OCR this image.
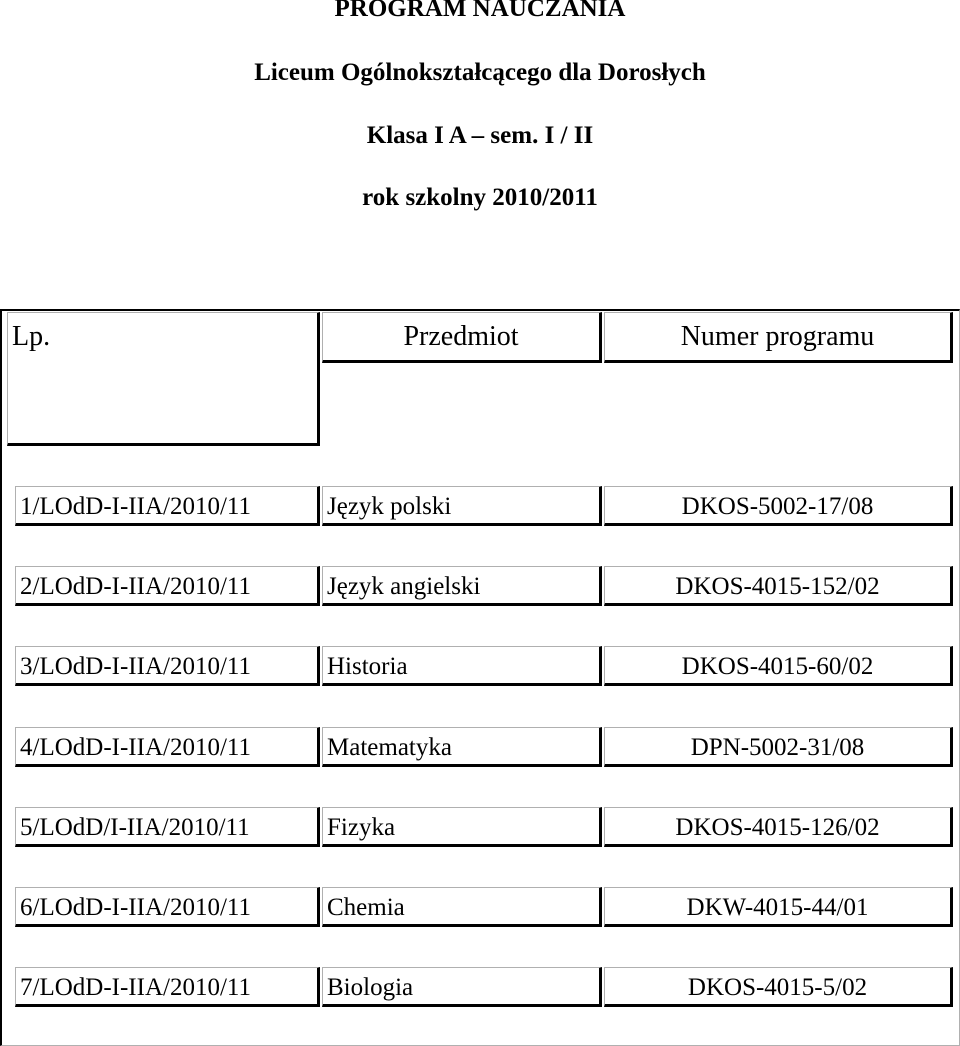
PROGRAM NAUCZANIA
Liceum Ogólnokształcącego dla Dorosłych
Klasa I A – sem. I / II
rok szkolny 2010/2011
Lp.	Przedmiot	Numer programu
1/LOdD-I-IIA/2010/11	Język polski	DKOS-5002-17/08
2/LOdD-I-IIA/2010/11	Język angielski	DKOS-4015-152/02
3/LOdD-I-IIA/2010/11	Historia	DKOS-4015-60/02
4/LOdD-I-IIA/2010/11	Matematyka	DPN-5002-31/08
5/LOdD/I-IIA/2010/11	Fizyka	DKOS-4015-126/02
6/LOdD-I-IIA/2010/11	Chemia	DKW-4015-44/01
7/LOdD-I-IIA/2010/11	Biologia	DKOS-4015-5/02
